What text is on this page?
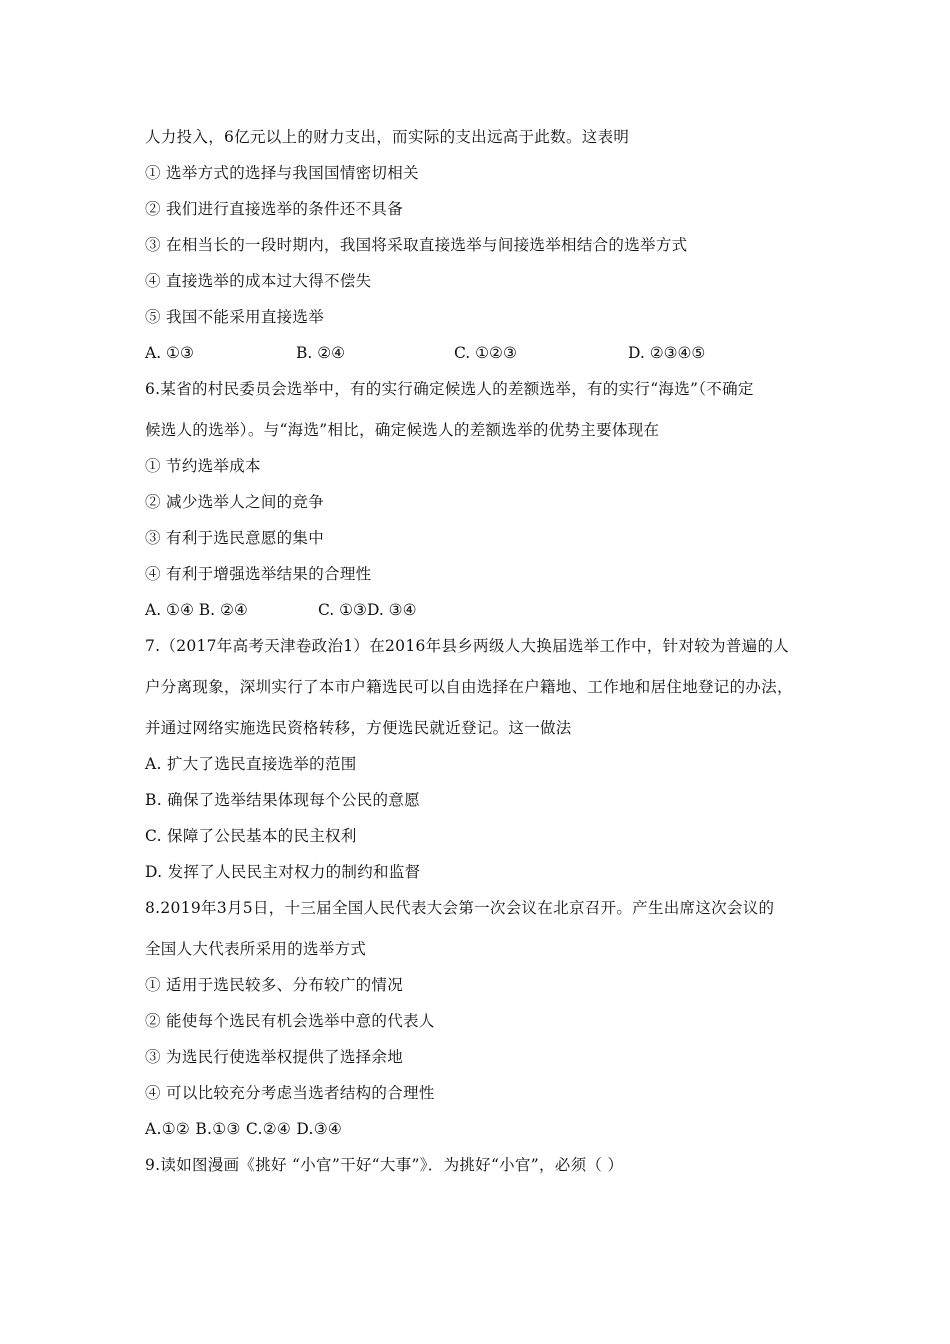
人力投入，6亿元以上的财力支出，而实际的支出远高于此数。这表明
① 选举方式的选择与我国国情密切相关
② 我们进行直接选举的条件还不具备
③ 在相当长的一段时期内，我国将采取直接选举与间接选举相结合的选举方式
④ 直接选举的成本过大得不偿失
⑤ 我国不能采用直接选举
A. ①③	B. ②④	C. ①②③	D. ②③④⑤
6.某省的村民委员会选举中，有的实行确定候选人的差额选举，有的实行“海选”（不确定
候选人的选举）。与“海选”相比，确定候选人的差额选举的优势主要体现在
① 节约选举成本
② 减少选举人之间的竞争
③ 有利于选民意愿的集中
④ 有利于增强选举结果的合理性
A. ①④ B. ②④	C. ①③D. ③④
7.（2017年高考天津卷政治1）在2016年县乡两级人大换届选举工作中，针对较为普遍的人
户分离现象，深圳实行了本市户籍选民可以自由选择在户籍地、工作地和居住地登记的办法，
并通过网络实施选民资格转移，方便选民就近登记。这一做法
A. 扩大了选民直接选举的范围
B. 确保了选举结果体现每个公民的意愿
C. 保障了公民基本的民主权利
D. 发挥了人民民主对权力的制约和监督
8.2019年3月5日，十三届全国人民代表大会第一次会议在北京召开。产生出席这次会议的
全国人大代表所采用的选举方式
① 适用于选民较多、分布较广的情况
② 能使每个选民有机会选举中意的代表人
③ 为选民行使选举权提供了选择余地
④ 可以比较充分考虑当选者结构的合理性
A.①② B.①③ C.②④ D.③④
9.读如图漫画《挑好 “小官”干好“大事”》．为挑好“小官”，必须（ ）
